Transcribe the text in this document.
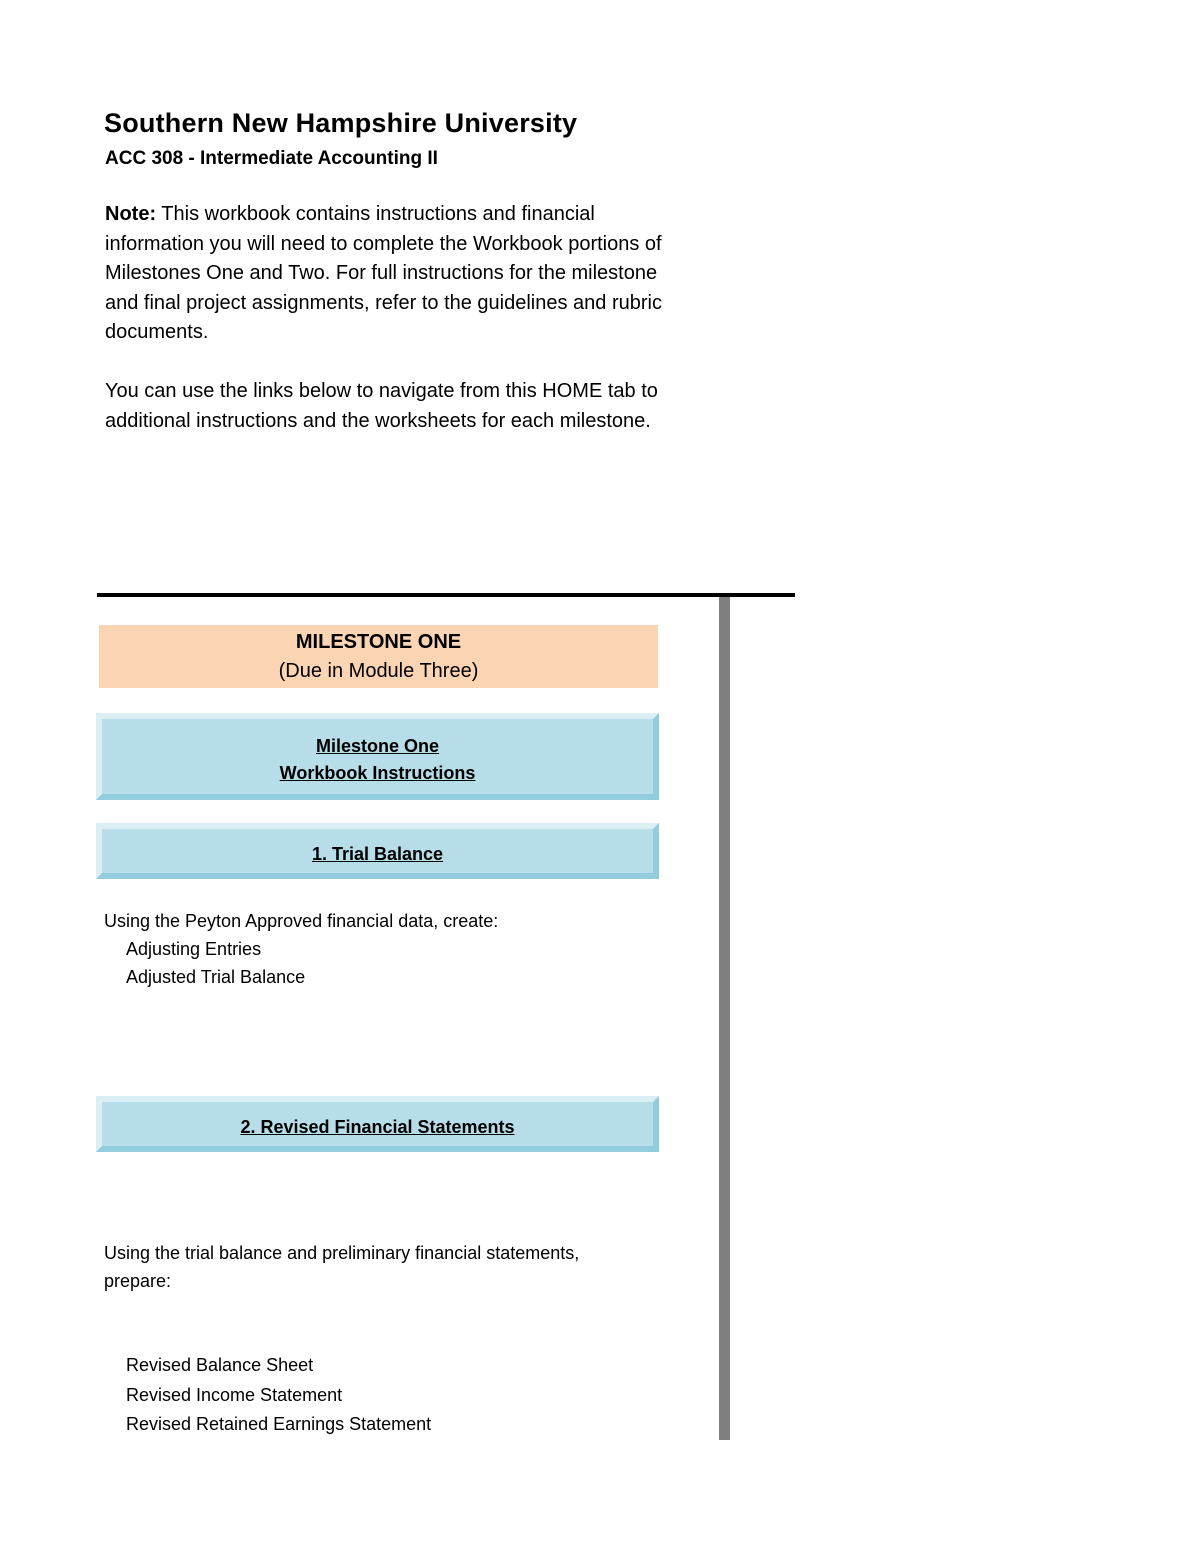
Southern New Hampshire University
ACC 308 - Intermediate Accounting II
Note: This workbook contains instructions and financial information you will need to complete the Workbook portions of Milestones One and Two. For full instructions for the milestone and final project assignments, refer to the guidelines and rubric documents.
You can use the links below to navigate from this HOME tab to additional instructions and the worksheets for each milestone.
MILESTONE ONE
(Due in Module Three)
Milestone One
Workbook Instructions
1. Trial Balance
Using the Peyton Approved financial data, create:
Adjusting Entries
Adjusted Trial Balance
2. Revised Financial Statements
Using the trial balance and preliminary financial statements,
prepare:
Revised Balance Sheet
Revised Income Statement
Revised Retained Earnings Statement
